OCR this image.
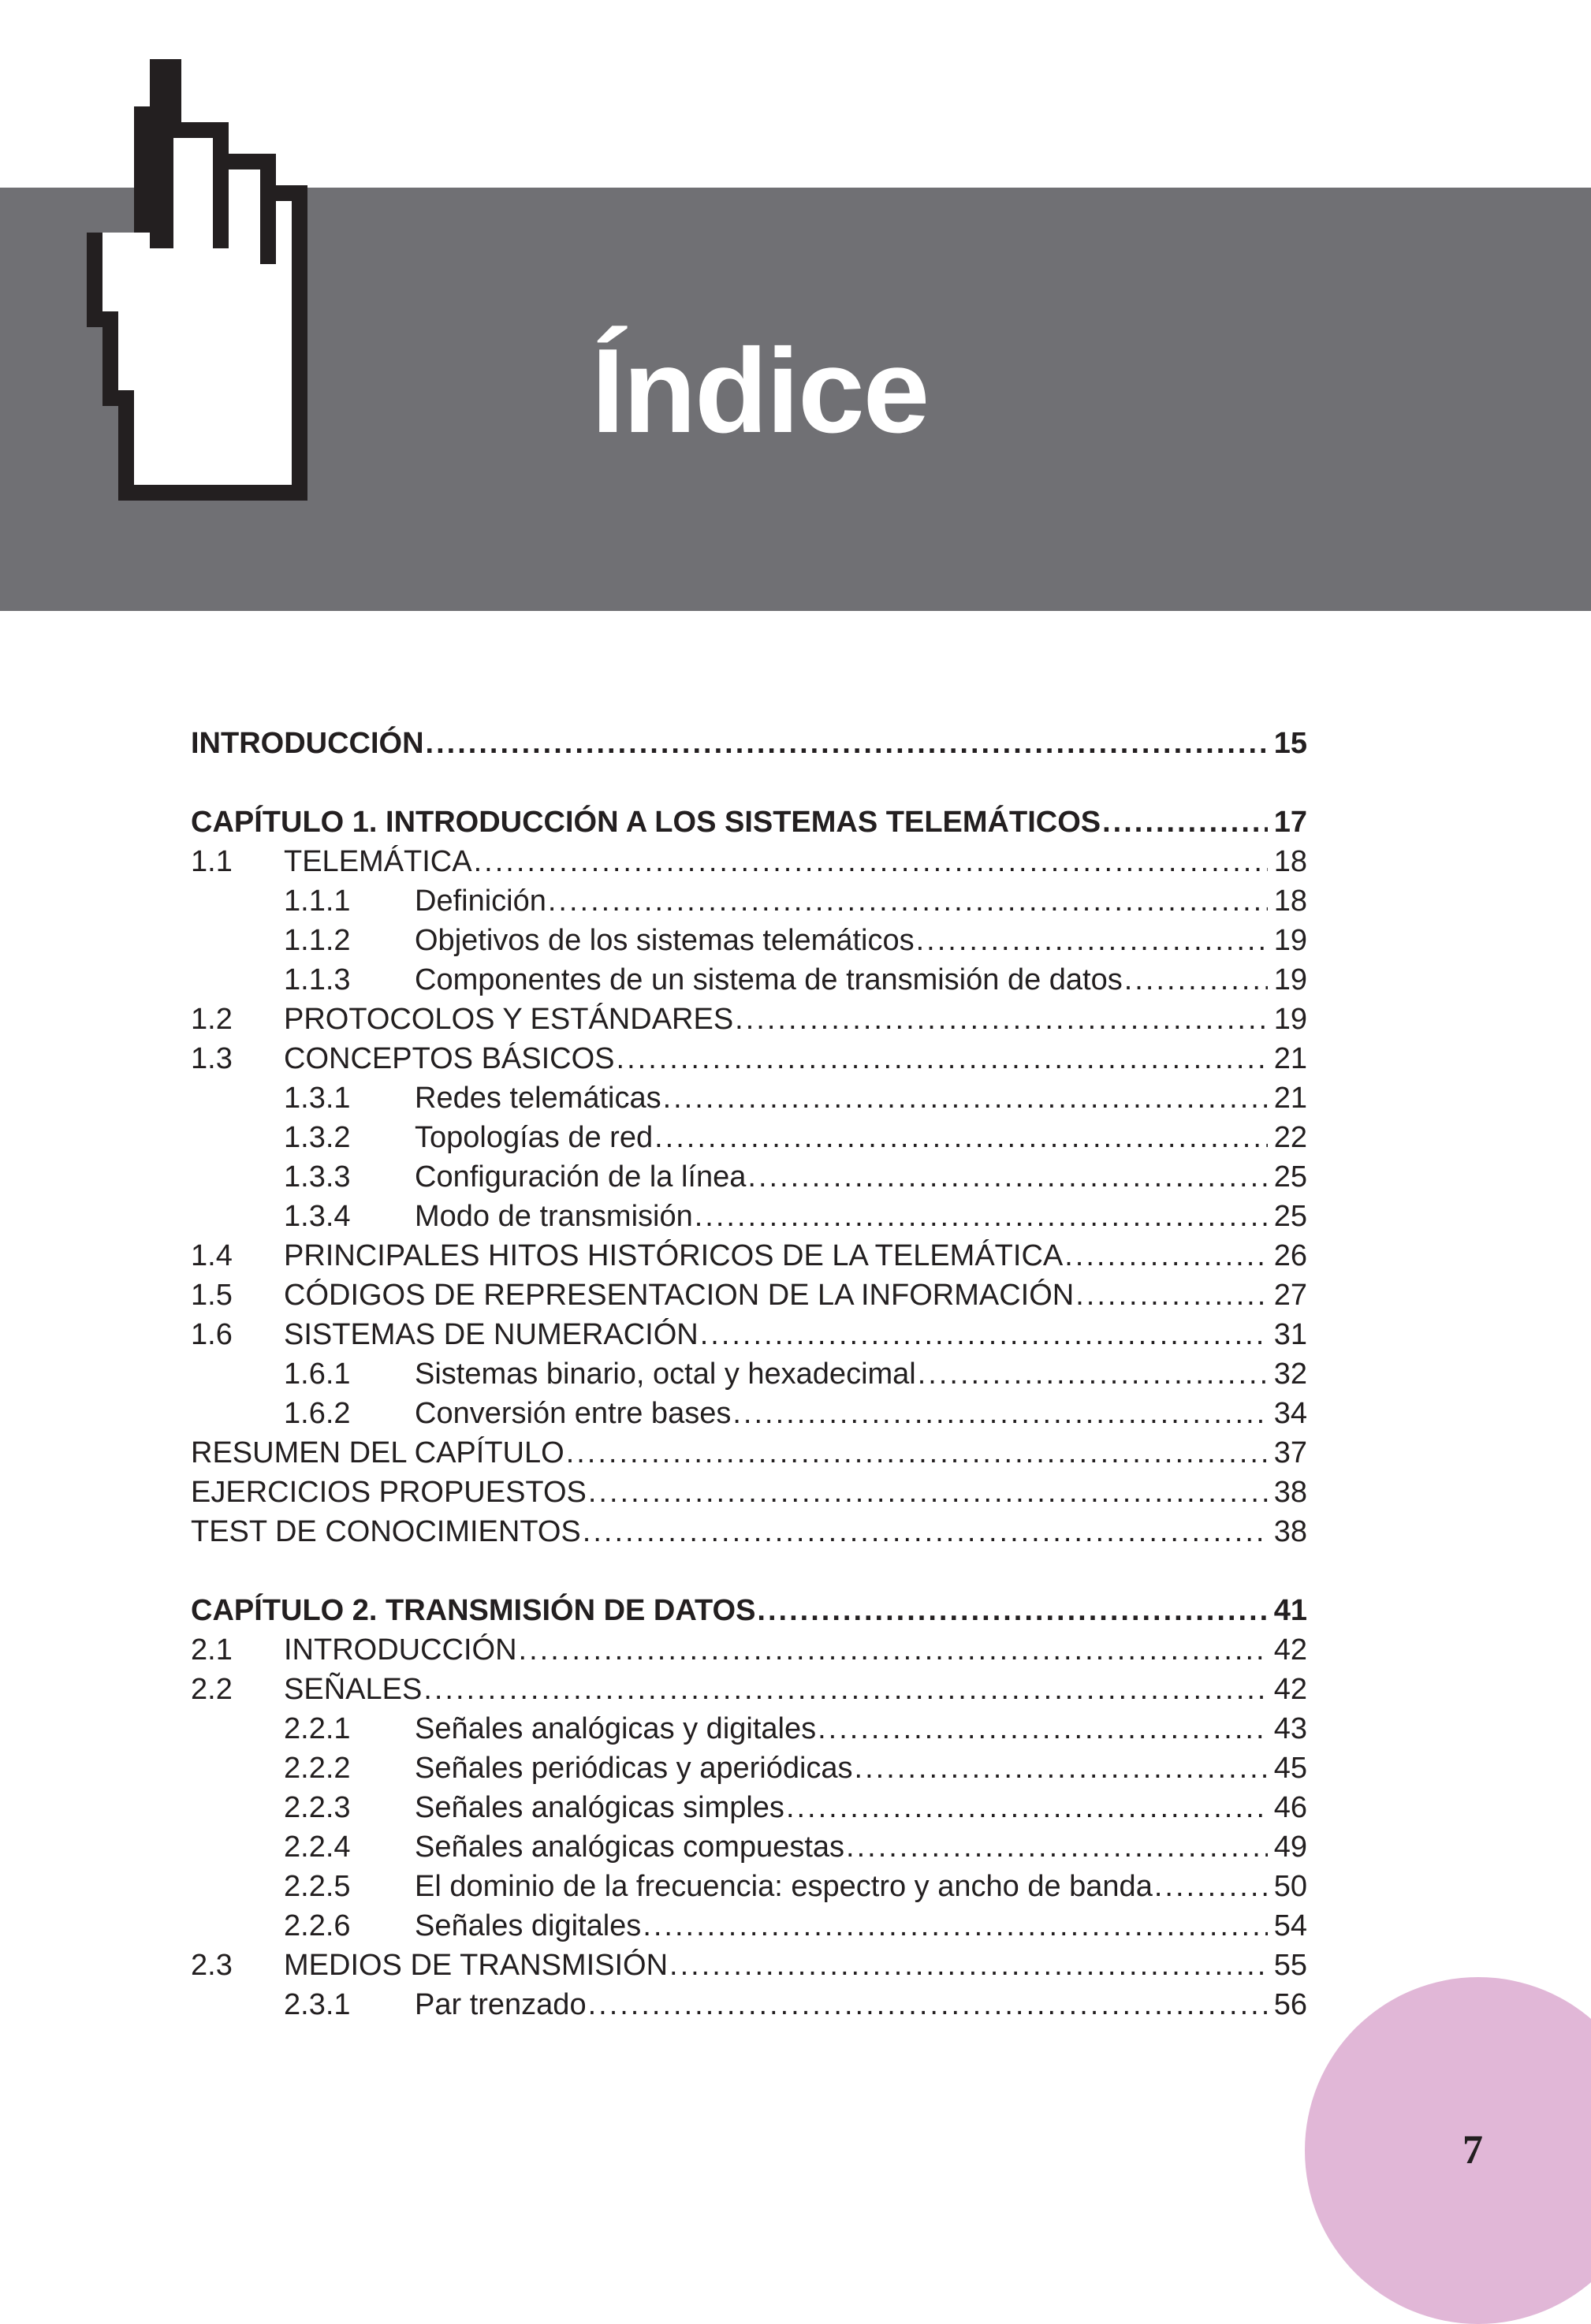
Índice
INTRODUCCIÓN .....	15
CAPÍTULO 1. INTRODUCCIÓN A LOS SISTEMAS TELEMÁTICOS .....	17
1.1	TELEMÁTICA .....	18
1.1.1	Definición .....	18
1.1.2	Objetivos de los sistemas telemáticos .....	19
1.1.3	Componentes de un sistema de transmisión de datos .....	19
1.2	PROTOCOLOS Y ESTÁNDARES .....	19
1.3	CONCEPTOS BÁSICOS .....	21
1.3.1	Redes telemáticas .....	21
1.3.2	Topologías de red .....	22
1.3.3	Configuración de la línea .....	25
1.3.4	Modo de transmisión .....	25
1.4	PRINCIPALES HITOS HISTÓRICOS DE LA TELEMÁTICA .....	26
1.5	CÓDIGOS DE REPRESENTACION DE LA INFORMACIÓN .....	27
1.6	SISTEMAS DE NUMERACIÓN .....	31
1.6.1	Sistemas binario, octal y hexadecimal .....	32
1.6.2	Conversión entre bases .....	34
RESUMEN DEL CAPÍTULO .....	37
EJERCICIOS PROPUESTOS .....	38
TEST DE CONOCIMIENTOS .....	38
CAPÍTULO 2. TRANSMISIÓN DE DATOS .....	41
2.1	INTRODUCCIÓN .....	42
2.2	SEÑALES .....	42
2.2.1	Señales analógicas y digitales .....	43
2.2.2	Señales periódicas y aperiódicas .....	45
2.2.3	Señales analógicas simples .....	46
2.2.4	Señales analógicas compuestas .....	49
2.2.5	El dominio de la frecuencia: espectro y ancho de banda .....	50
2.2.6	Señales digitales .....	54
2.3	MEDIOS DE TRANSMISIÓN .....	55
2.3.1	Par trenzado .....	56
7
